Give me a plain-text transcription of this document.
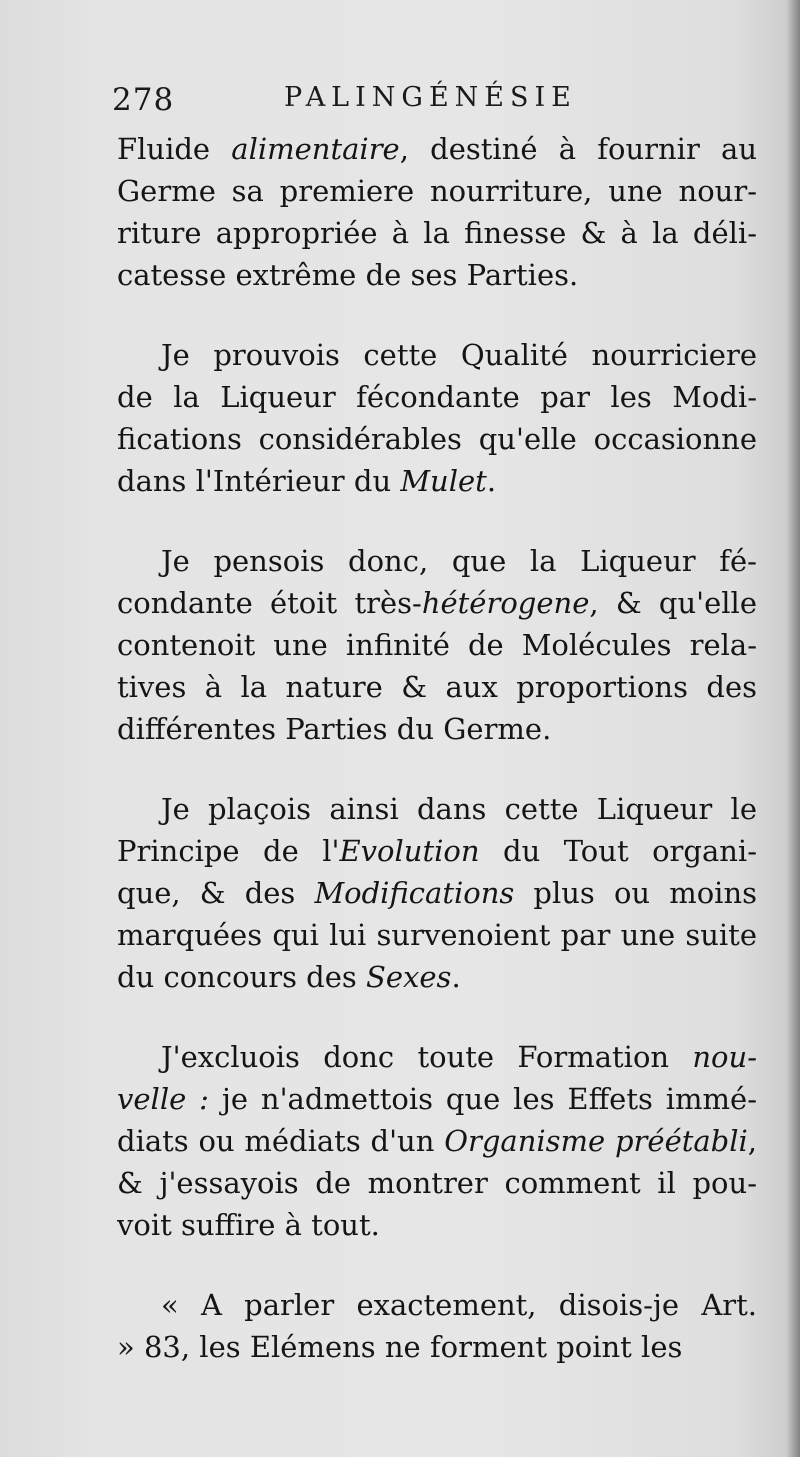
278	PALINGÉNÉSIE
Fluide alimentaire, destiné à fournir au
Germe sa premiere nourriture, une nour-
riture appropriée à la finesse & à la déli-
catesse extrême de ses Parties.
Je prouvois cette Qualité nourriciere
de la Liqueur fécondante par les Modi-
fications considérables qu'elle occasionne
dans l'Intérieur du Mulet.
Je pensois donc, que la Liqueur fé-
condante étoit très-hétérogene, & qu'elle
contenoit une infinité de Molécules rela-
tives à la nature & aux proportions des
différentes Parties du Germe.
Je plaçois ainsi dans cette Liqueur le
Principe de l'Evolution du Tout organi-
que, & des Modifications plus ou moins
marquées qui lui survenoient par une suite
du concours des Sexes.
J'excluois donc toute Formation nou-
velle : je n'admettois que les Effets immé-
diats ou médiats d'un Organisme préétabli,
& j'essayois de montrer comment il pou-
voit suffire à tout.
« A parler exactement, disois-je Art.
» 83, les Elémens ne forment point les
